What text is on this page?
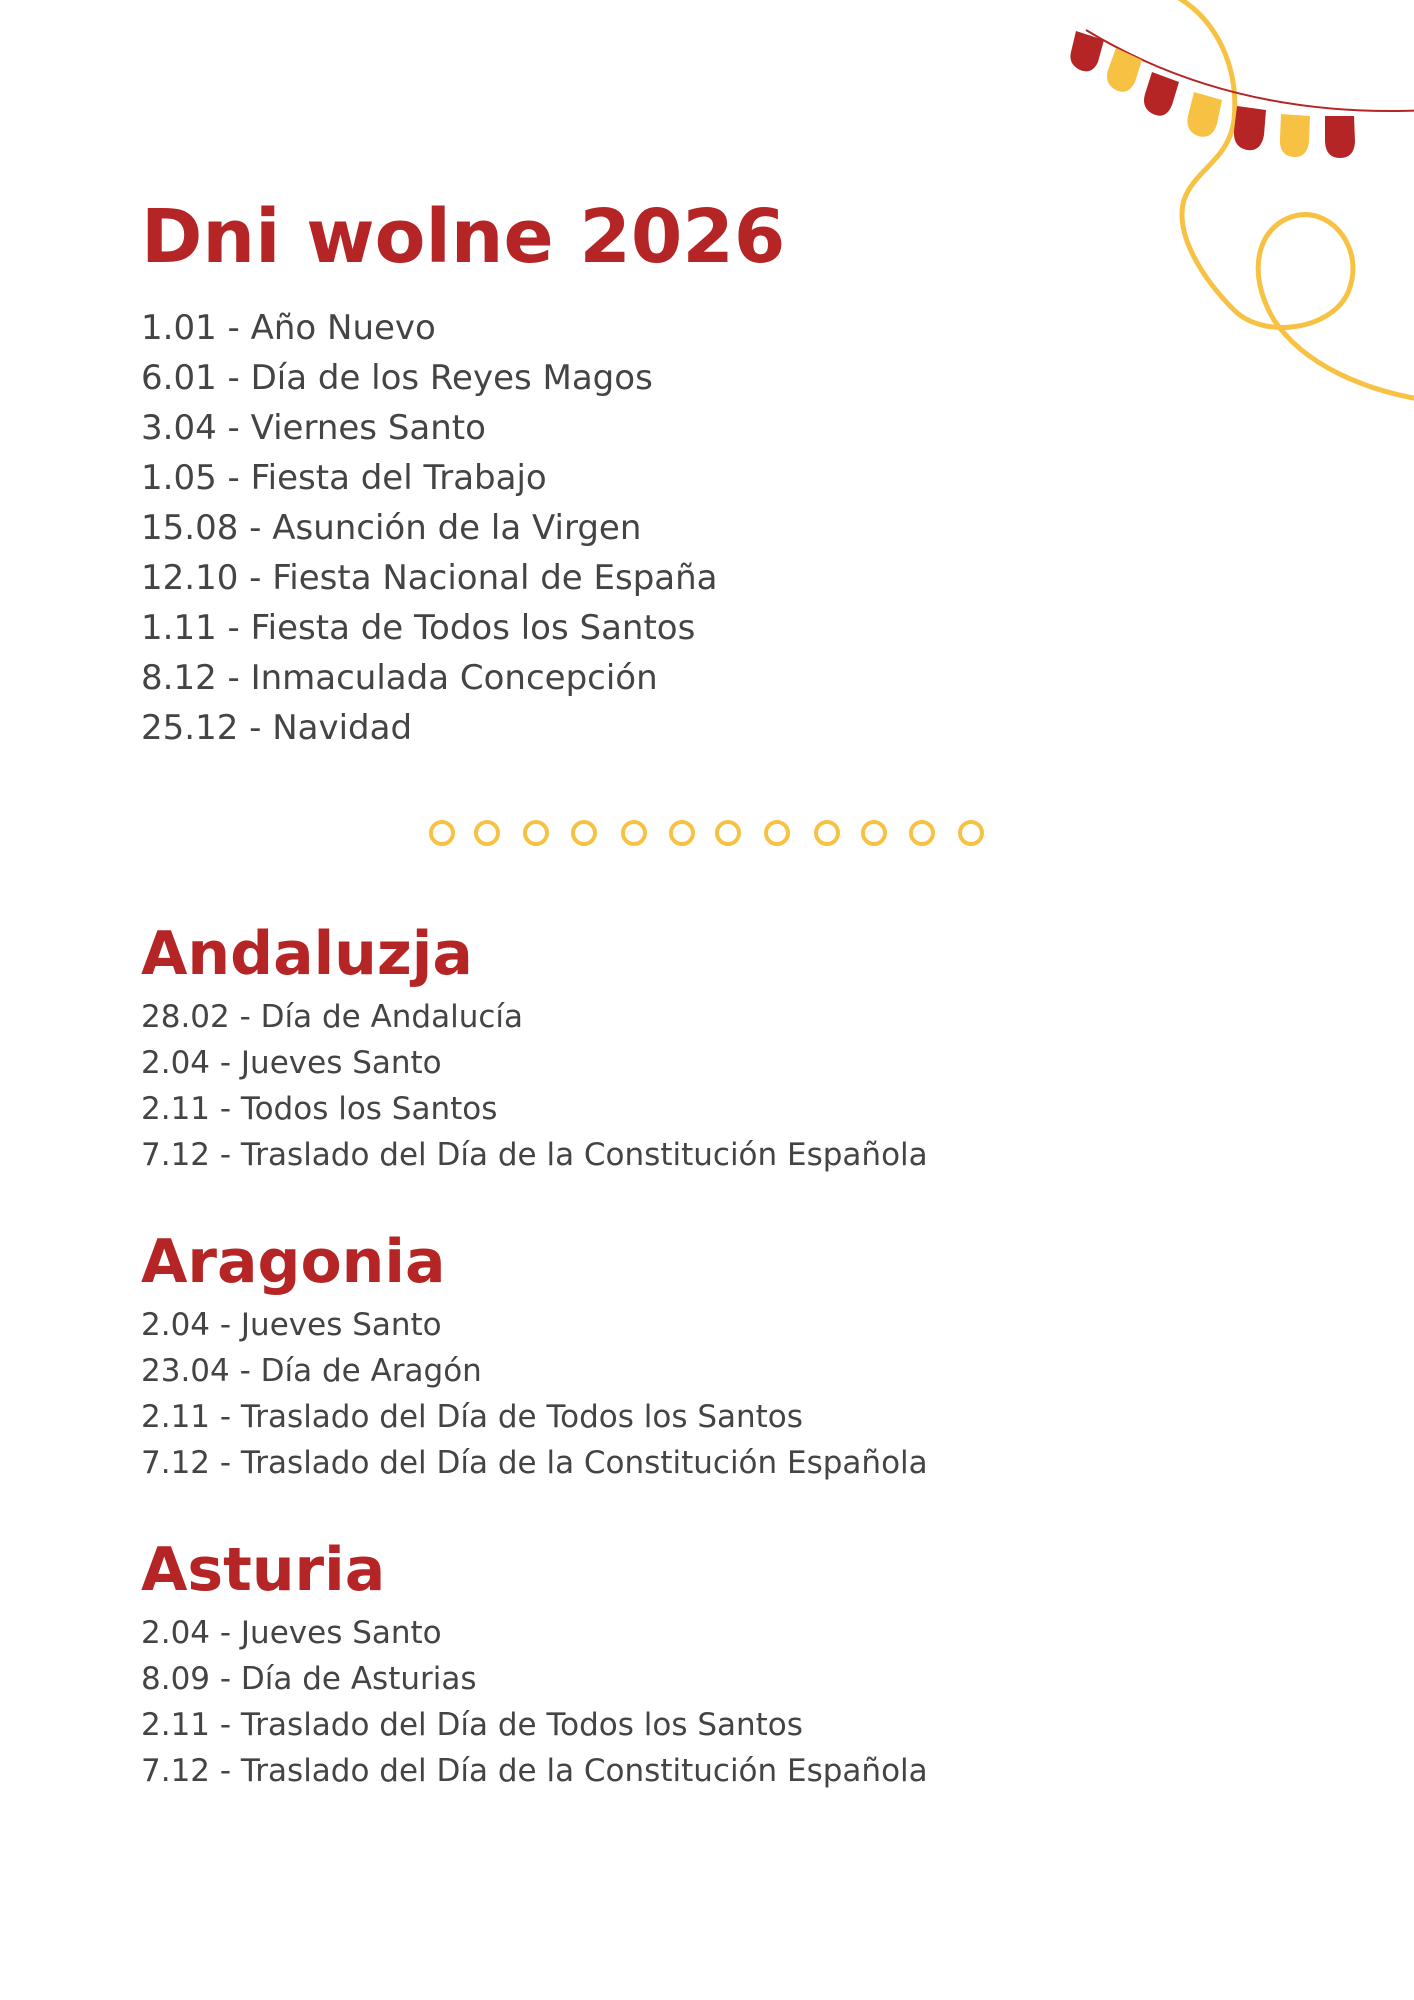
Dni wolne 2026
1.01 - Año Nuevo
6.01 - Día de los Reyes Magos
3.04 - Viernes Santo
1.05 - Fiesta del Trabajo
15.08 - Asunción de la Virgen
12.10 - Fiesta Nacional de España
1.11 - Fiesta de Todos los Santos
8.12 - Inmaculada Concepción
25.12 - Navidad
Andaluzja
28.02 - Día de Andalucía
2.04 - Jueves Santo
2.11 - Todos los Santos
7.12 - Traslado del Día de la Constitución Española
Aragonia
2.04 - Jueves Santo
23.04 - Día de Aragón
2.11 - Traslado del Día de Todos los Santos
7.12 - Traslado del Día de la Constitución Española
Asturia
2.04 - Jueves Santo
8.09 - Día de Asturias
2.11 - Traslado del Día de Todos los Santos
7.12 - Traslado del Día de la Constitución Española
